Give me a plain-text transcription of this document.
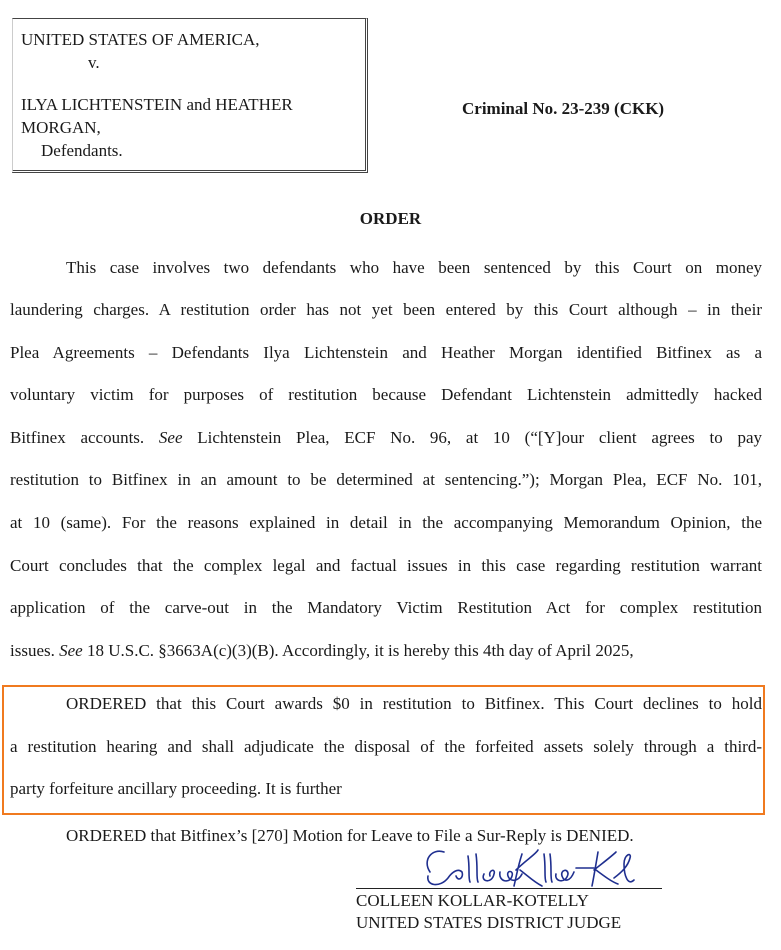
UNITED STATES OF AMERICA,
v.
ILYA LICHTENSTEIN and HEATHER
MORGAN,
Defendants.
Criminal No. 23-239 (CKK)
ORDER
This case involves two defendants who have been sentenced by this Court on money
laundering charges. A restitution order has not yet been entered by this Court although – in their
Plea Agreements – Defendants Ilya Lichtenstein and Heather Morgan identified Bitfinex as a
voluntary victim for purposes of restitution because Defendant Lichtenstein admittedly hacked
Bitfinex accounts. See Lichtenstein Plea, ECF No. 96, at 10 (“[Y]our client agrees to pay
restitution to Bitfinex in an amount to be determined at sentencing.”); Morgan Plea, ECF No. 101,
at 10 (same). For the reasons explained in detail in the accompanying Memorandum Opinion, the
Court concludes that the complex legal and factual issues in this case regarding restitution warrant
application of the carve-out in the Mandatory Victim Restitution Act for complex restitution
issues. See 18 U.S.C. §3663A(c)(3)(B). Accordingly, it is hereby this 4th day of April 2025,
ORDERED that this Court awards $0 in restitution to Bitfinex. This Court declines to hold
a restitution hearing and shall adjudicate the disposal of the forfeited assets solely through a third-
party forfeiture ancillary proceeding. It is further
ORDERED that Bitfinex’s [270] Motion for Leave to File a Sur-Reply is DENIED.
COLLEEN KOLLAR-KOTELLY
UNITED STATES DISTRICT JUDGE
